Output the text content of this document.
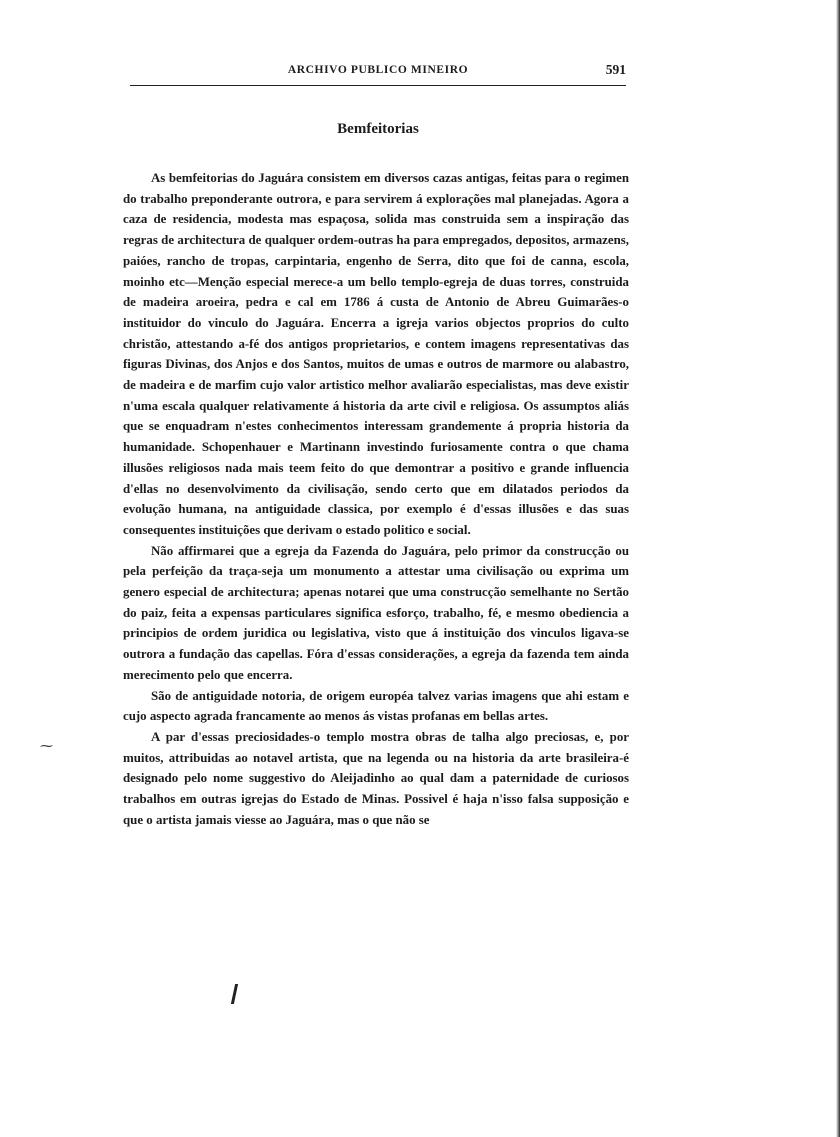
ARCHIVO PUBLICO MINEIRO	591
Bemfeitorias

As bemfeitorias do Jaguára consistem em diversos cazas antigas, feitas para o regimen do trabalho preponderante outrora, e para servirem á explorações mal planejadas. Agora a caza de residencia, modesta mas espaçosa, solida mas construida sem a inspiração das regras de architectura de qualquer ordem-outras ha para empregados, depositos, armazens, paióes, rancho de tropas, carpintaria, engenho de Serra, dito que foi de canna, escola, moinho etc—Menção especial merece-a um bello templo-egreja de duas torres, construida de madeira aroeira, pedra e cal em 1786 á custa de Antonio de Abreu Guimarães-o instituidor do vinculo do Jaguára. Encerra a igreja varios objectos proprios do culto christão, attestando a-fé dos antigos proprietarios, e contem imagens representativas das figuras Divinas, dos Anjos e dos Santos, muitos de umas e outros de marmore ou alabastro, de madeira e de marfim cujo valor artistico melhor avaliarão especialistas, mas deve existir n'uma escala qualquer relativamente á historia da arte civil e religiosa. Os assumptos aliás que se enquadram n'estes conhecimentos interessam grandemente á propria historia da humanidade. Schopenhauer e Martinann investindo furiosamente contra o que chama illusões religiosos nada mais teem feito do que demontrar a positivo e grande influencia d'ellas no desenvolvimento da civilisação, sendo certo que em dilatados periodos da evolução humana, na antiguidade classica, por exemplo é d'essas illusões e das suas consequentes instituições que derivam o estado politico e social.

Não affirmarei que a egreja da Fazenda do Jaguára, pelo primor da construcção ou pela perfeição da traça-seja um monumento a attestar uma civilisação ou exprima um genero especial de architectura; apenas notarei que uma construcção semelhante no Sertão do paiz, feita a expensas particulares significa esforço, trabalho, fé, e mesmo obediencia a principios de ordem juridica ou legislativa, visto que á instituição dos vinculos ligava-se outrora a fundação das capellas. Fóra d'essas considerações, a egreja da fazenda tem ainda merecimento pelo que encerra.

São de antiguidade notoria, de origem européa talvez varias imagens que ahi estam e cujo aspecto agrada francamente ao menos ás vistas profanas em bellas artes.

A par d'essas preciosidades-o templo mostra obras de talha algo preciosas, e, por muitos, attribuidas ao notavel artista, que na legenda ou na historia da arte brasileira-é designado pelo nome suggestivo do Aleijadinho ao qual dam a paternidade de curiosos trabalhos em outras igrejas do Estado de Minas. Possivel é haja n'isso falsa supposição e que o artista jamais viesse ao Jaguára, mas o que não se

⁓
